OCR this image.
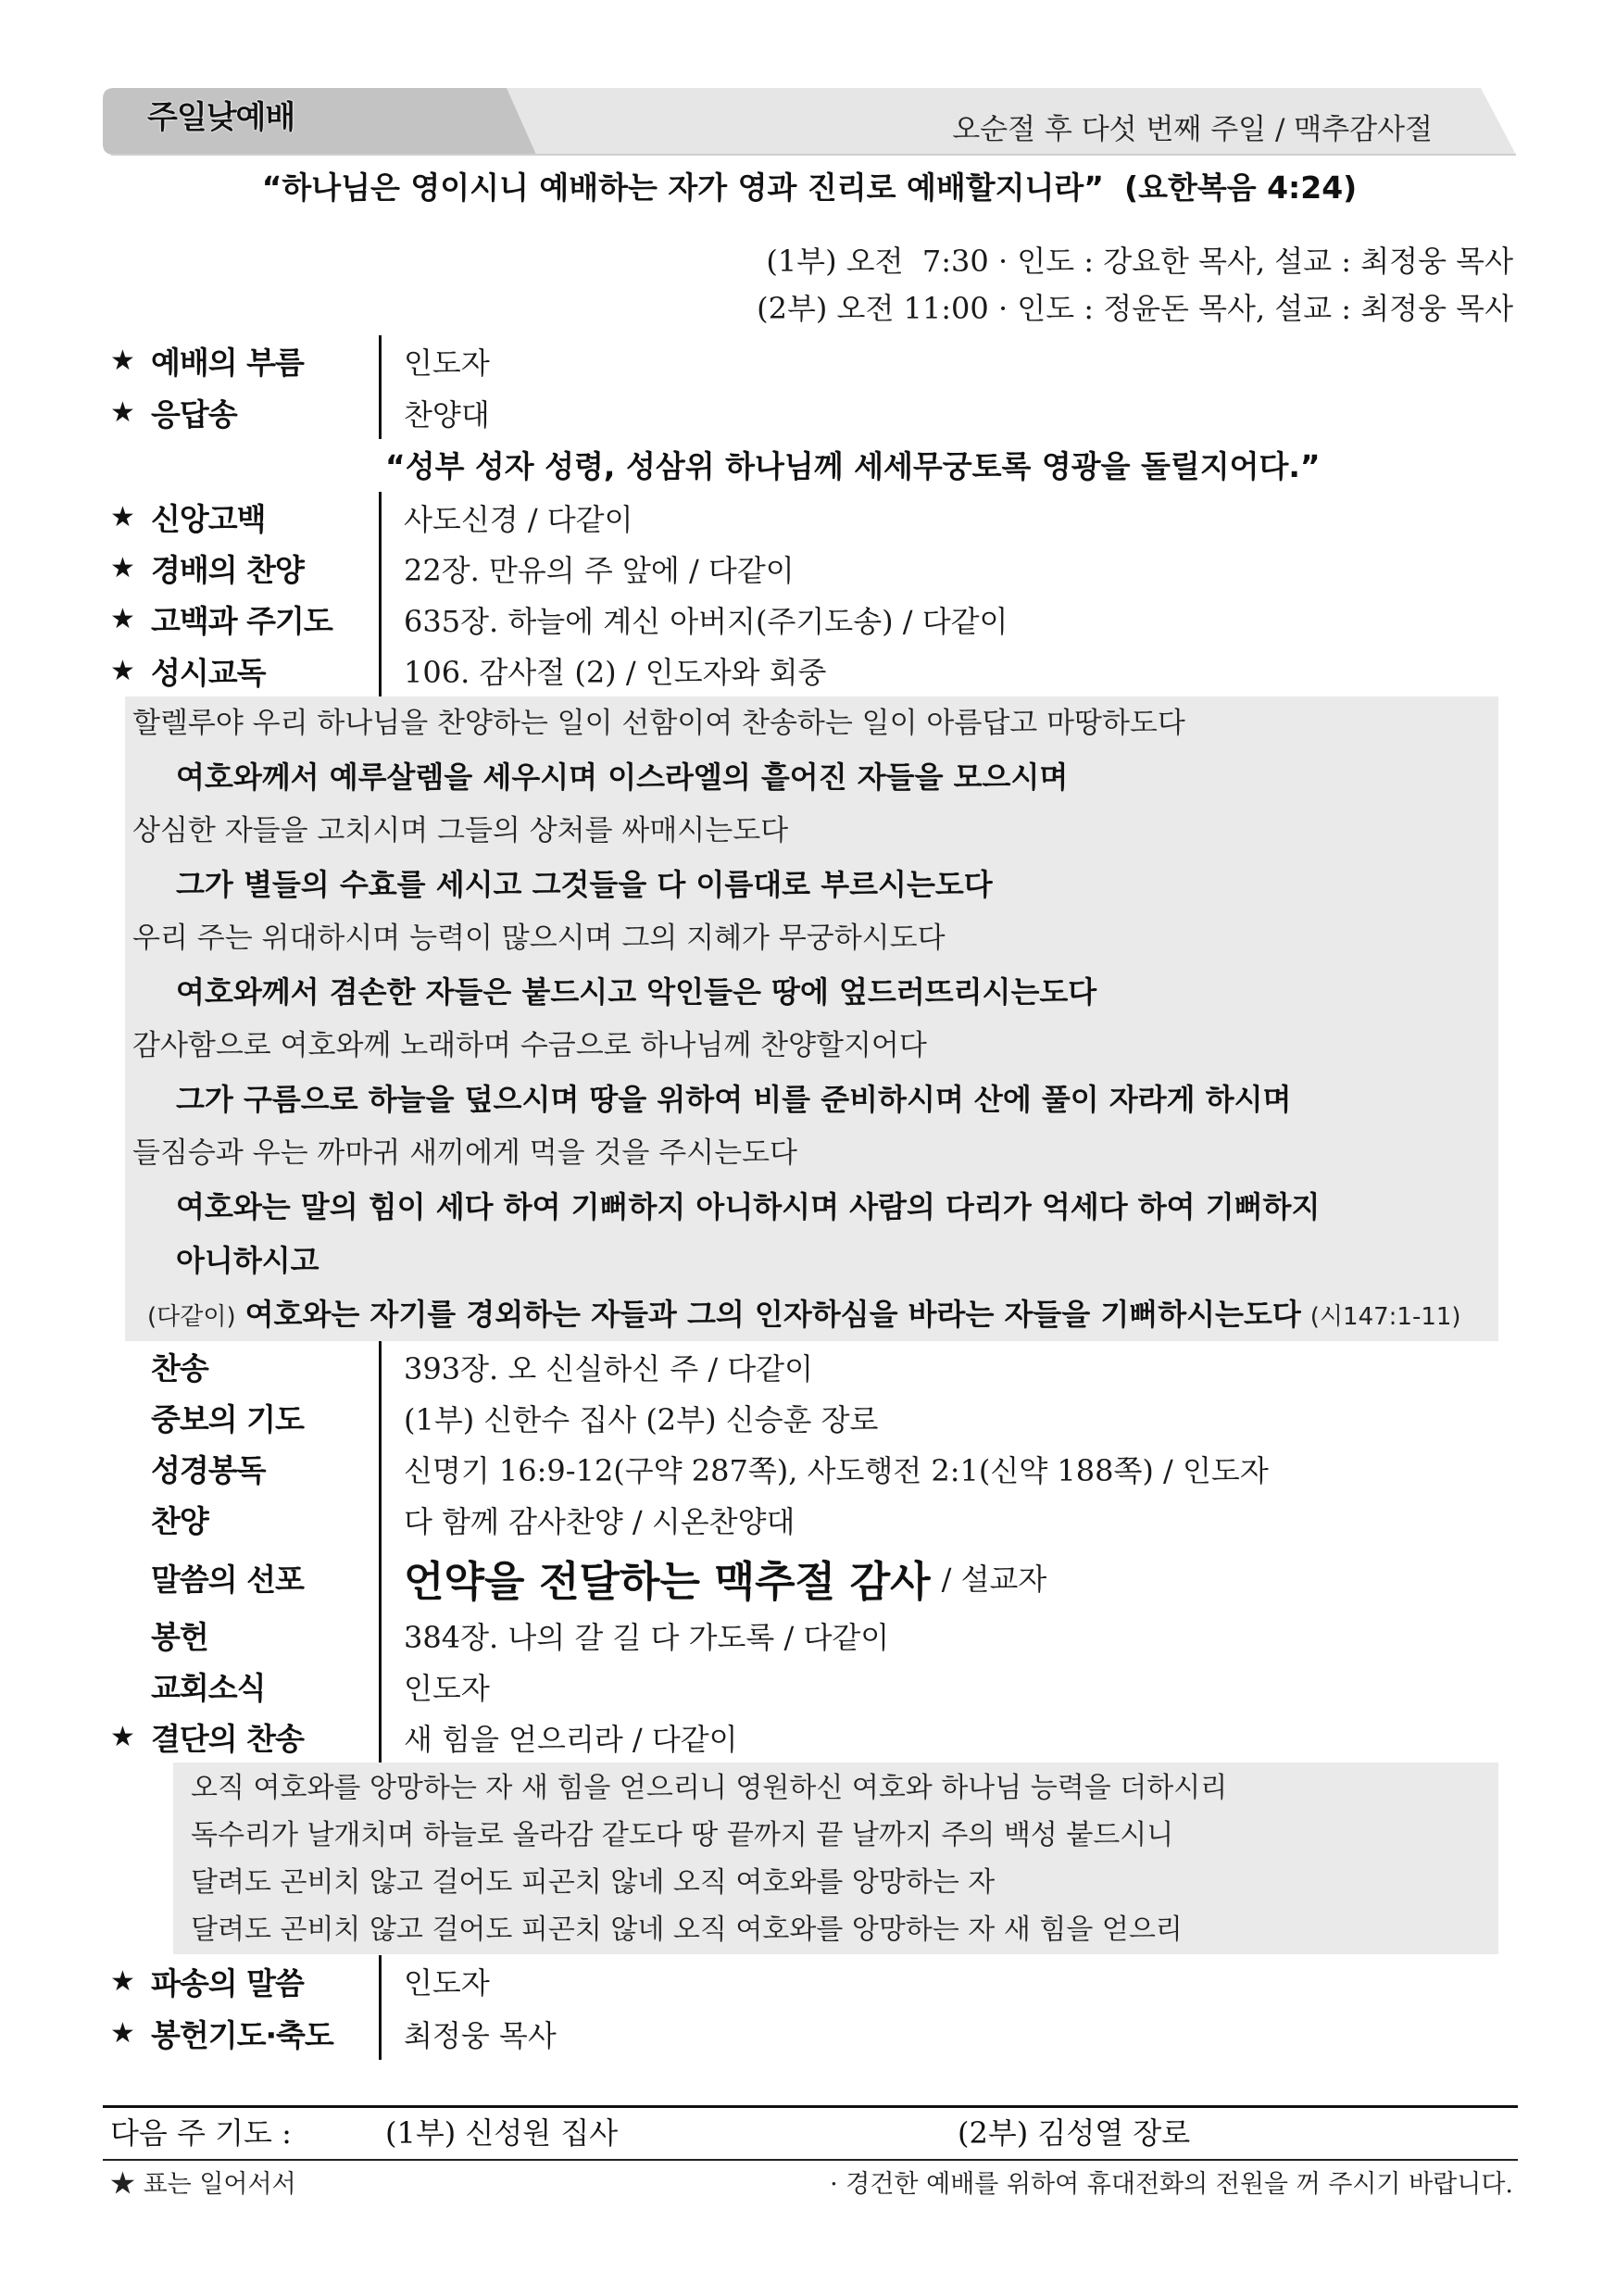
주일낮예배	오순절 후 다섯 번째 주일 / 맥추감사절
“하나님은 영이시니 예배하는 자가 영과 진리로 예배할지니라” (요한복음 4:24)
(1부) 오전  7:30 · 인도 : 강요한 목사, 설교 : 최정웅 목사
(2부) 오전 11:00 · 인도 : 정윤돈 목사, 설교 : 최정웅 목사
★ 예배의 부름	인도자
★ 응답송	찬양대
“성부 성자 성령, 성삼위 하나님께 세세무궁토록 영광을 돌릴지어다.”
★ 신앙고백	사도신경 / 다같이
★ 경배의 찬양	22장. 만유의 주 앞에 / 다같이
★ 고백과 주기도	635장. 하늘에 계신 아버지(주기도송) / 다같이
★ 성시교독	106. 감사절 (2) / 인도자와 회중
할렐루야 우리 하나님을 찬양하는 일이 선함이여 찬송하는 일이 아름답고 마땅하도다
여호와께서 예루살렘을 세우시며 이스라엘의 흩어진 자들을 모으시며
상심한 자들을 고치시며 그들의 상처를 싸매시는도다
그가 별들의 수효를 세시고 그것들을 다 이름대로 부르시는도다
우리 주는 위대하시며 능력이 많으시며 그의 지혜가 무궁하시도다
여호와께서 겸손한 자들은 붙드시고 악인들은 땅에 엎드러뜨리시는도다
감사함으로 여호와께 노래하며 수금으로 하나님께 찬양할지어다
그가 구름으로 하늘을 덮으시며 땅을 위하여 비를 준비하시며 산에 풀이 자라게 하시며
들짐승과 우는 까마귀 새끼에게 먹을 것을 주시는도다
여호와는 말의 힘이 세다 하여 기뻐하지 아니하시며 사람의 다리가 억세다 하여 기뻐하지
아니하시고
(다같이) 여호와는 자기를 경외하는 자들과 그의 인자하심을 바라는 자들을 기뻐하시는도다 (시147:1-11)
찬송	393장. 오 신실하신 주 / 다같이
중보의 기도	(1부) 신한수 집사 (2부) 신승훈 장로
성경봉독	신명기 16:9-12(구약 287쪽), 사도행전 2:1(신약 188쪽) / 인도자
찬양	다 함께 감사찬양 / 시온찬양대
말씀의 선포	언약을 전달하는 맥추절 감사 / 설교자
봉헌	384장. 나의 갈 길 다 가도록 / 다같이
교회소식	인도자
★ 결단의 찬송	새 힘을 얻으리라 / 다같이
오직 여호와를 앙망하는 자 새 힘을 얻으리니 영원하신 여호와 하나님 능력을 더하시리
독수리가 날개치며 하늘로 올라감 같도다 땅 끝까지 끝 날까지 주의 백성 붙드시니
달려도 곤비치 않고 걸어도 피곤치 않네 오직 여호와를 앙망하는 자
달려도 곤비치 않고 걸어도 피곤치 않네 오직 여호와를 앙망하는 자 새 힘을 얻으리
★ 파송의 말씀	인도자
★ 봉헌기도·축도	최정웅 목사
다음 주 기도 :	(1부) 신성원 집사	(2부) 김성열 장로
★ 표는 일어서서	· 경건한 예배를 위하여 휴대전화의 전원을 꺼 주시기 바랍니다.
